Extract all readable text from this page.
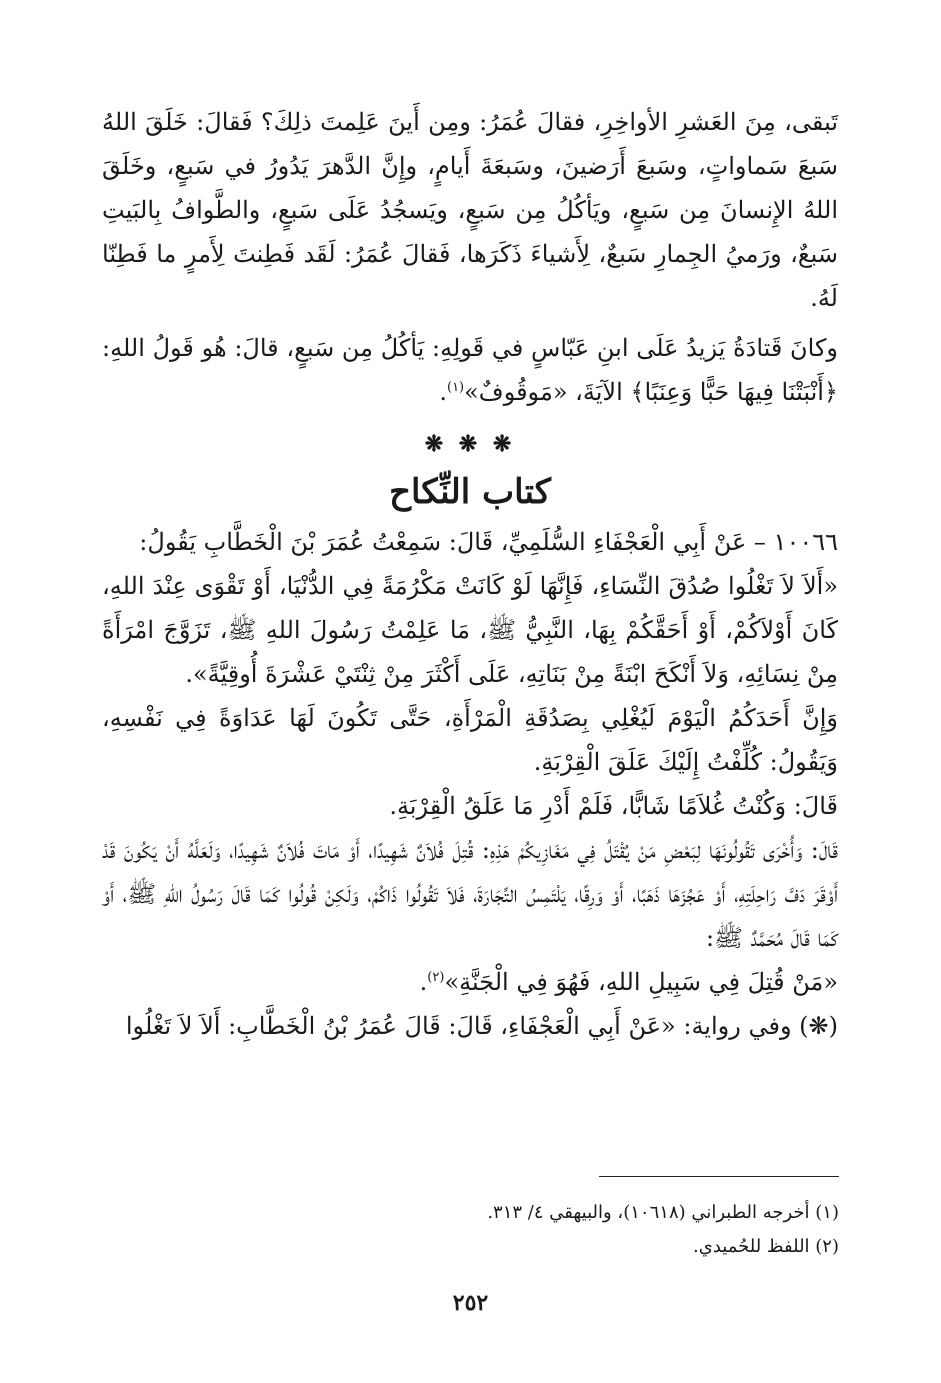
تَبقى، مِنَ العَشرِ الأواخِرِ، فقالَ عُمَرُ: ومِن أَينَ عَلِمتَ ذلِكَ؟ فَقالَ: خَلَقَ اللهُ سَبعَ سَماواتٍ، وسَبعَ أَرَضينَ، وسَبعَةَ أَيامٍ، وإِنَّ الدَّهرَ يَدُورُ في سَبعٍ، وخَلَقَ اللهُ الإِنسانَ مِن سَبعٍ، ويَأكُلُ مِن سَبعٍ، ويَسجُدُ عَلَى سَبعٍ، والطَّوافُ بِالبَيتِ سَبعٌ، ورَميُ الجِمارِ سَبعٌ، لِأَشياءَ ذَكَرَها، فَقالَ عُمَرُ: لَقَد فَطِنتَ لِأَمرٍ ما فَطِنّا لَهُ.

وكانَ قَتادَةُ يَزيدُ عَلَى ابنِ عَبّاسٍ في قَولِهِ: يَأكُلُ مِن سَبعٍ، قالَ: هُو قَولُ اللهِ: ﴿أَنْبَتْنَا فِيهَا حَبًّا وَعِنَبًا﴾ الآيَةَ، «مَوقُوفٌ»$^{(١)}$.

❋ ❋ ❋
كتاب النِّكاح

١٠٠٦٦ – عَنْ أَبِي الْعَجْفَاءِ السُّلَمِيِّ، قَالَ: سَمِعْتُ عُمَرَ بْنَ الْخَطَّابِ يَقُولُ:

«أَلاَ لاَ تَغْلُوا صُدُقَ النِّسَاءِ، فَإِنَّهَا لَوْ كَانَتْ مَكْرُمَةً فِي الدُّنْيَا، أَوْ تَقْوَى عِنْدَ اللهِ، كَانَ أَوْلاَكُمْ، أَوْ أَحَقَّكُمْ بِهَا، النَّبِيُّ ﷺ، مَا عَلِمْتُ رَسُولَ اللهِ ﷺ، تَزَوَّجَ امْرَأَةً مِنْ نِسَائِهِ، وَلاَ أَنْكَحَ ابْنَةً مِنْ بَنَاتِهِ، عَلَى أَكْثَرَ مِنْ ثِنْتَيْ عَشْرَةَ أُوقِيَّةً».

وَإِنَّ أَحَدَكُمُ الْيَوْمَ لَيُغْلِي بِصَدُقَةِ الْمَرْأَةِ، حَتَّى تَكُونَ لَهَا عَدَاوَةً فِي نَفْسِهِ، وَيَقُولُ: كُلِّفْتُ إِلَيْكَ عَلَقَ الْقِرْبَةِ.

قَالَ: وَكُنْتُ غُلاَمًا شَابًّا، فَلَمْ أَدْرِ مَا عَلَقُ الْقِرْبَةِ.

قَالَ: وَأُخْرَى تَقُولُونَهَا لِبَعْضِ مَنْ يُقْتَلُ فِي مَغَازِيكُمْ هَذِهِ: قُتِلَ فُلاَنٌ شَهِيدًا، أَوْ مَاتَ فُلاَنٌ شَهِيدًا، وَلَعَلَّهُ أَنْ يَكُونَ قَدْ أَوْقَرَ دَفَّ رَاحِلَتِهِ، أَوْ عَجُزَهَا ذَهَبًا، أَوْ وَرِقًا، يَلْتَمِسُ التِّجَارَةَ، فَلاَ تَقُولُوا ذَاكُمْ، وَلَكِنْ قُولُوا كَمَا قَالَ رَسُولُ اللهِ ﷺ، أَوْ كَمَا قَالَ مُحَمَّدٌ ﷺ:

«مَنْ قُتِلَ فِي سَبِيلِ اللهِ، فَهُوَ فِي الْجَنَّةِ»$^{(٢)}$.

(❋) وفي رواية: «عَنْ أَبِي الْعَجْفَاءِ، قَالَ: قَالَ عُمَرُ بْنُ الْخَطَّابِ: أَلاَ لاَ تَغْلُوا

(١) أخرجه الطبراني (١٠٦١٨)، والبيهقي ٤/ ٣١٣.
(٢) اللفظ للحُميدي.
٢٥٢
